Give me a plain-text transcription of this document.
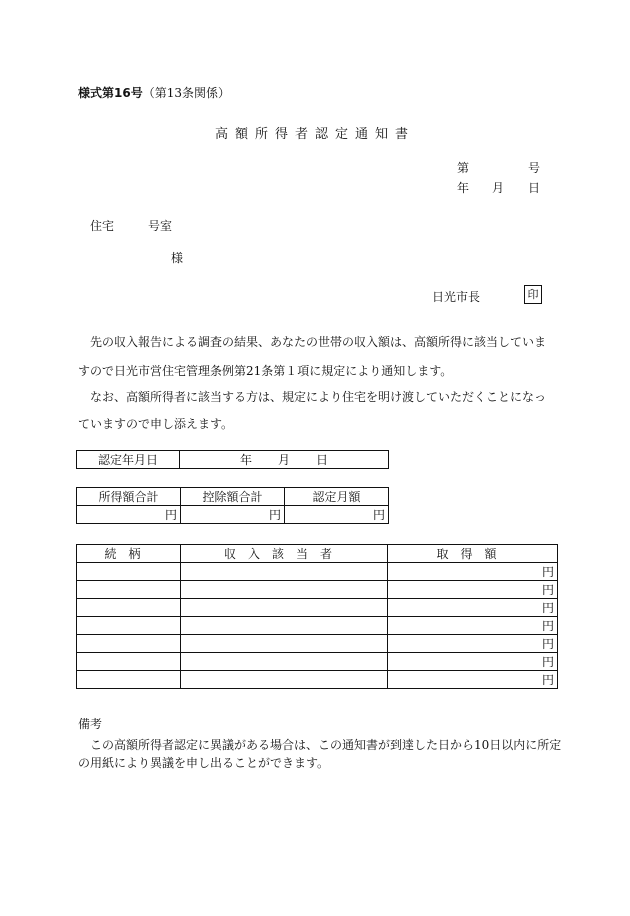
様式第16号（第13条関係）
高額所得者認定通知書
第	号
年 月 日
住宅	号室
様
日光市長	印
先の収入報告による調査の結果、あなたの世帯の収入額は、高額所得に該当していま
すので日光市営住宅管理条例第21条第１項に規定により通知します。
なお、高額所得者に該当する方は、規定により住宅を明け渡していただくことになっ
ていますので申し添えます。
認定年月日	年 月 日
所得額合計	控除額合計	認定月額
円	円	円
続柄	収入該当者	取得額
		円
		円
		円
		円
		円
		円
		円
備考
この高額所得者認定に異議がある場合は、この通知書が到達した日から10日以内に所定
の用紙により異議を申し出ることができます。
